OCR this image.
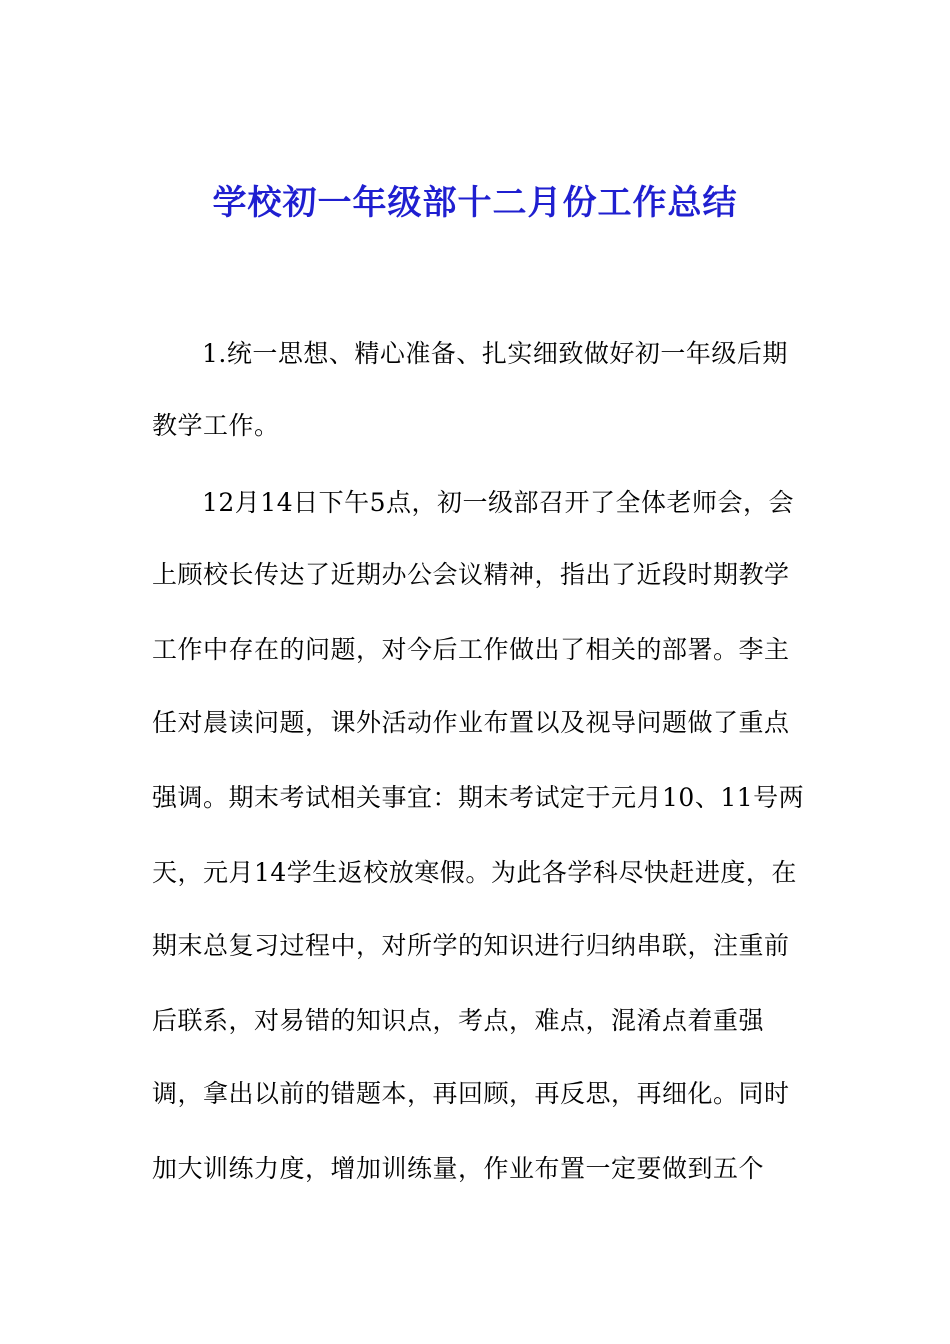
学校初一年级部十二月份工作总结
1.统一思想、精心准备、扎实细致做好初一年级后期
教学工作。
12月14日下午5点，初一级部召开了全体老师会，会
上顾校长传达了近期办公会议精神，指出了近段时期教学
工作中存在的问题，对今后工作做出了相关的部署。李主
任对晨读问题，课外活动作业布置以及视导问题做了重点
强调。期末考试相关事宜：期末考试定于元月10、11号两
天，元月14学生返校放寒假。为此各学科尽快赶进度，在
期末总复习过程中，对所学的知识进行归纳串联，注重前
后联系，对易错的知识点，考点，难点，混淆点着重强
调，拿出以前的错题本，再回顾，再反思，再细化。同时
加大训练力度，增加训练量，作业布置一定要做到五个
